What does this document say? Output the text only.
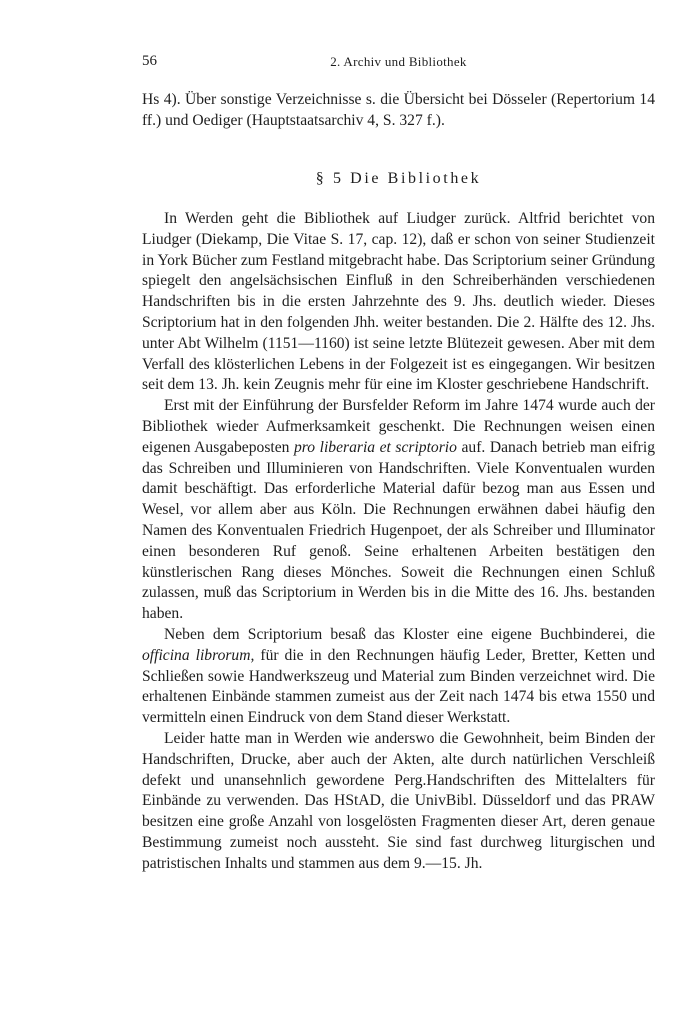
56	2. Archiv und Bibliothek

Hs 4). Über sonstige Verzeichnisse s. die Übersicht bei Dösseler (Repertorium 14 ff.) und Oediger (Hauptstaatsarchiv 4, S. 327 f.).

§ 5 Die Bibliothek

In Werden geht die Bibliothek auf Liudger zurück. Altfrid berichtet von Liudger (Diekamp, Die Vitae S. 17, cap. 12), daß er schon von seiner Studienzeit in York Bücher zum Festland mitgebracht habe. Das Scriptorium seiner Gründung spiegelt den angelsächsischen Einfluß in den Schreiberhänden verschiedenen Handschriften bis in die ersten Jahrzehnte des 9. Jhs. deutlich wieder. Dieses Scriptorium hat in den folgenden Jhh. weiter bestanden. Die 2. Hälfte des 12. Jhs. unter Abt Wilhelm (1151—1160) ist seine letzte Blütezeit gewesen. Aber mit dem Verfall des klösterlichen Lebens in der Folgezeit ist es eingegangen. Wir besitzen seit dem 13. Jh. kein Zeugnis mehr für eine im Kloster geschriebene Handschrift.

Erst mit der Einführung der Bursfelder Reform im Jahre 1474 wurde auch der Bibliothek wieder Aufmerksamkeit geschenkt. Die Rechnungen weisen einen eigenen Ausgabeposten pro liberaria et scriptorio auf. Danach betrieb man eifrig das Schreiben und Illuminieren von Handschriften. Viele Konventualen wurden damit beschäftigt. Das erforderliche Material dafür bezog man aus Essen und Wesel, vor allem aber aus Köln. Die Rechnungen erwähnen dabei häufig den Namen des Konventualen Friedrich Hugenpoet, der als Schreiber und Illuminator einen besonderen Ruf genoß. Seine erhaltenen Arbeiten bestätigen den künstlerischen Rang dieses Mönches. Soweit die Rechnungen einen Schluß zulassen, muß das Scriptorium in Werden bis in die Mitte des 16. Jhs. bestanden haben.

Neben dem Scriptorium besaß das Kloster eine eigene Buchbinderei, die officina librorum, für die in den Rechnungen häufig Leder, Bretter, Ketten und Schließen sowie Handwerkszeug und Material zum Binden verzeichnet wird. Die erhaltenen Einbände stammen zumeist aus der Zeit nach 1474 bis etwa 1550 und vermitteln einen Eindruck von dem Stand dieser Werkstatt.

Leider hatte man in Werden wie anderswo die Gewohnheit, beim Binden der Handschriften, Drucke, aber auch der Akten, alte durch natürlichen Verschleiß defekt und unansehnlich gewordene Perg.Handschriften des Mittelalters für Einbände zu verwenden. Das HStAD, die UnivBibl. Düsseldorf und das PRAW besitzen eine große Anzahl von losgelösten Fragmenten dieser Art, deren genaue Bestimmung zumeist noch aussteht. Sie sind fast durchweg liturgischen und patristischen Inhalts und stammen aus dem 9.—15. Jh.
